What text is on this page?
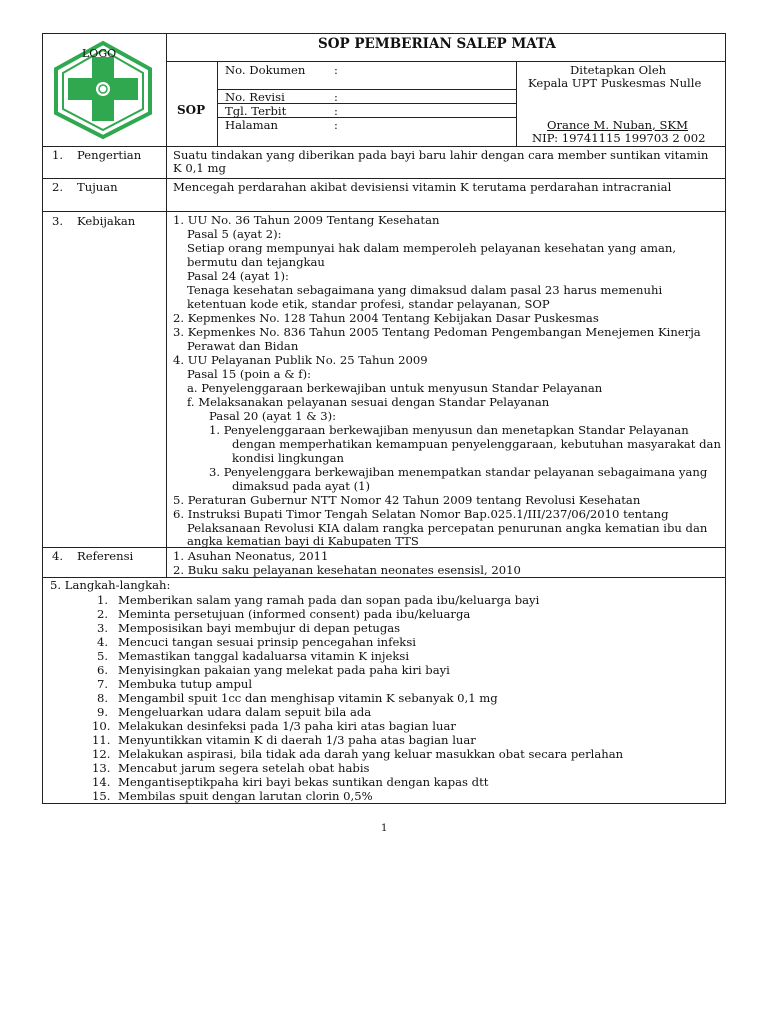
LOGO
SOP PEMBERIAN SALEP MATA
SOP
No. Dokumen :
No. Revisi	:
Tgl. Terbit	:
Halaman	:
Ditetapkan Oleh
Kepala UPT Puskesmas Nulle
Orance M. Nuban, SKM
NIP: 19741115 199703 2 002
1. Pengertian	Suatu tindakan yang diberikan pada bayi baru lahir dengan cara member suntikan vitamin
K 0,1 mg
2. Tujuan	Mencegah perdarahan akibat devisiensi vitamin K terutama perdarahan intracranial
3. Kebijakan	1. UU No. 36 Tahun 2009 Tentang Kesehatan
Pasal 5 (ayat 2):
Setiap orang mempunyai hak dalam memperoleh pelayanan kesehatan yang aman,
bermutu dan tejangkau
Pasal 24 (ayat 1):
Tenaga kesehatan sebagaimana yang dimaksud dalam pasal 23 harus memenuhi
ketentuan kode etik, standar profesi, standar pelayanan, SOP
2. Kepmenkes No. 128 Tahun 2004 Tentang Kebijakan Dasar Puskesmas
3. Kepmenkes No. 836 Tahun 2005 Tentang Pedoman Pengembangan Menejemen Kinerja
Perawat dan Bidan
4. UU Pelayanan Publik No. 25 Tahun 2009
Pasal 15 (poin a & f):
a. Penyelenggaraan berkewajiban untuk menyusun Standar Pelayanan
f. Melaksanakan pelayanan sesuai dengan Standar Pelayanan
Pasal 20 (ayat 1 & 3):
1. Penyelenggaraan berkewajiban menyusun dan menetapkan Standar Pelayanan
dengan memperhatikan kemampuan penyelenggaraan, kebutuhan masyarakat dan
kondisi lingkungan
3. Penyelenggara berkewajiban menempatkan standar pelayanan sebagaimana yang
dimaksud pada ayat (1)
5. Peraturan Gubernur NTT Nomor 42 Tahun 2009 tentang Revolusi Kesehatan
6. Instruksi Bupati Timor Tengah Selatan Nomor Bap.025.1/III/237/06/2010 tentang
Pelaksanaan Revolusi KIA dalam rangka percepatan penurunan angka kematian ibu dan
angka kematian bayi di Kabupaten TTS
4. Referensi	1. Asuhan Neonatus, 2011
2. Buku saku pelayanan kesehatan neonates esensisl, 2010
5. Langkah-langkah:
1. Memberikan salam yang ramah pada dan sopan pada ibu/keluarga bayi
2. Meminta persetujuan (informed consent) pada ibu/keluarga
3. Memposisikan bayi membujur di depan petugas
4. Mencuci tangan sesuai prinsip pencegahan infeksi
5. Memastikan tanggal kadaluarsa vitamin K injeksi
6. Menyisingkan pakaian yang melekat pada paha kiri bayi
7. Membuka tutup ampul
8. Mengambil spuit 1cc dan menghisap vitamin K sebanyak 0,1 mg
9. Mengeluarkan udara dalam sepuit bila ada
10. Melakukan desinfeksi pada 1/3 paha kiri atas bagian luar
11. Menyuntikkan vitamin K di daerah 1/3 paha atas bagian luar
12. Melakukan aspirasi, bila tidak ada darah yang keluar masukkan obat secara perlahan
13. Mencabut jarum segera setelah obat habis
14. Mengantiseptikpaha kiri bayi bekas suntikan dengan kapas dtt
15. Membilas spuit dengan larutan clorin 0,5%
1
